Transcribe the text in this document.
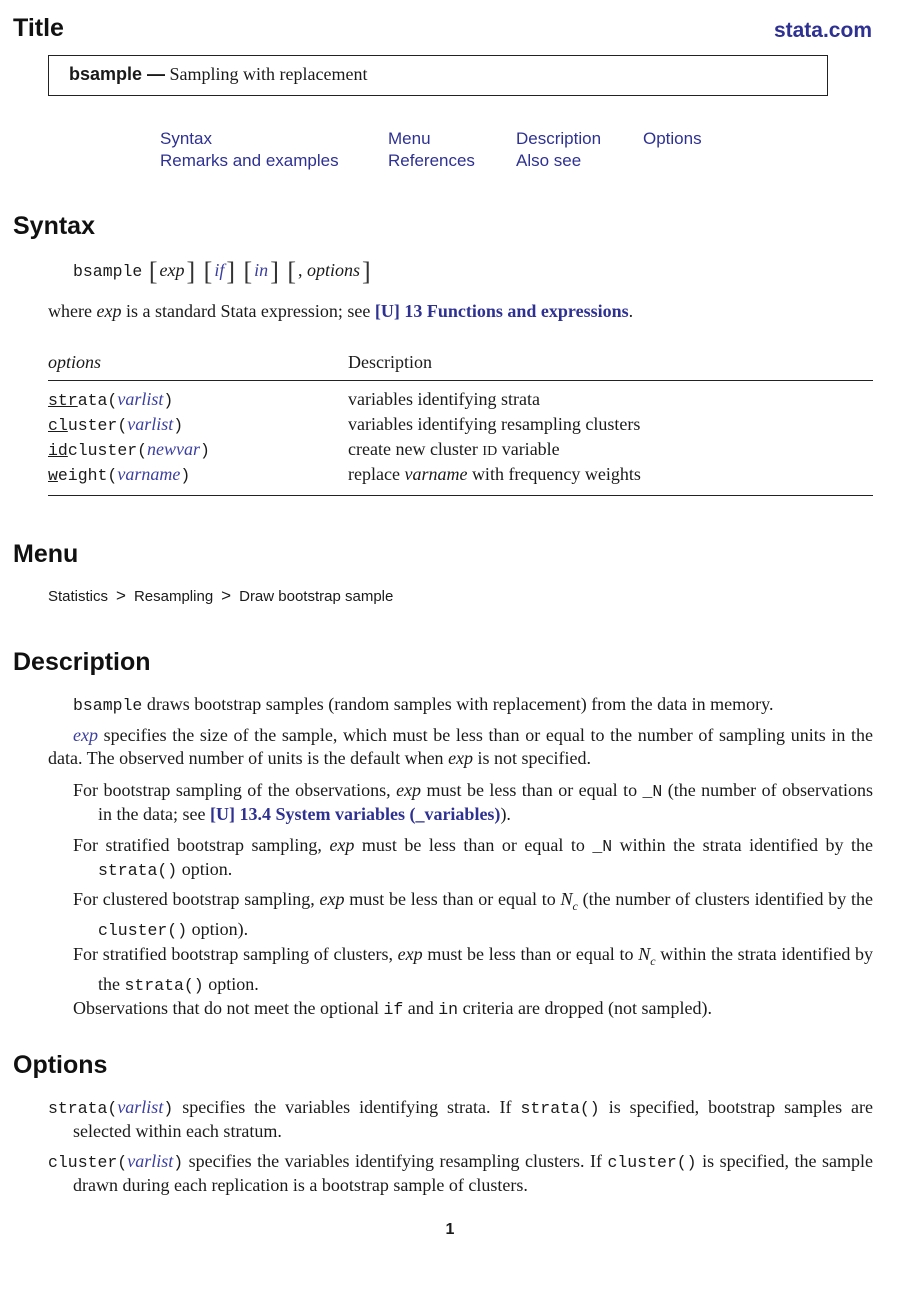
Title	stata.com
bsample — Sampling with replacement
Syntax	Menu	Description Options
Remarks and examples	References Also see
Syntax
bsample [ exp] [ if] [ in] [ , options]
where exp is a standard Stata expression; see [U] 13 Functions and expressions.
options	Description
strata(varlist)	variables identifying strata
cluster(varlist)	variables identifying resampling clusters
idcluster(newvar)	create new cluster ID variable
weight(varname)	replace varname with frequency weights
Menu
Statistics > Resampling > Draw bootstrap sample
Description

bsample draws bootstrap samples (random samples with replacement) from the data in memory.

exp specifies the size of the sample, which must be less than or equal to the number of sampling units in the data. The observed number of units is the default when exp is not specified.

For bootstrap sampling of the observations, exp must be less than or equal to _N (the number of observations in the data; see [U] 13.4 System variables (_variables)).

For stratified bootstrap sampling, exp must be less than or equal to _N within the strata identified by the strata() option.

For clustered bootstrap sampling, exp must be less than or equal to $N_c$ (the number of clusters identified by the cluster() option).

For stratified bootstrap sampling of clusters, exp must be less than or equal to $N_c$ within the strata identified by the strata() option.

Observations that do not meet the optional if and in criteria are dropped (not sampled).

Options

strata(varlist) specifies the variables identifying strata. If strata() is specified, bootstrap samples are selected within each stratum.

cluster(varlist) specifies the variables identifying resampling clusters. If cluster() is specified, the sample drawn during each replication is a bootstrap sample of clusters.

1
